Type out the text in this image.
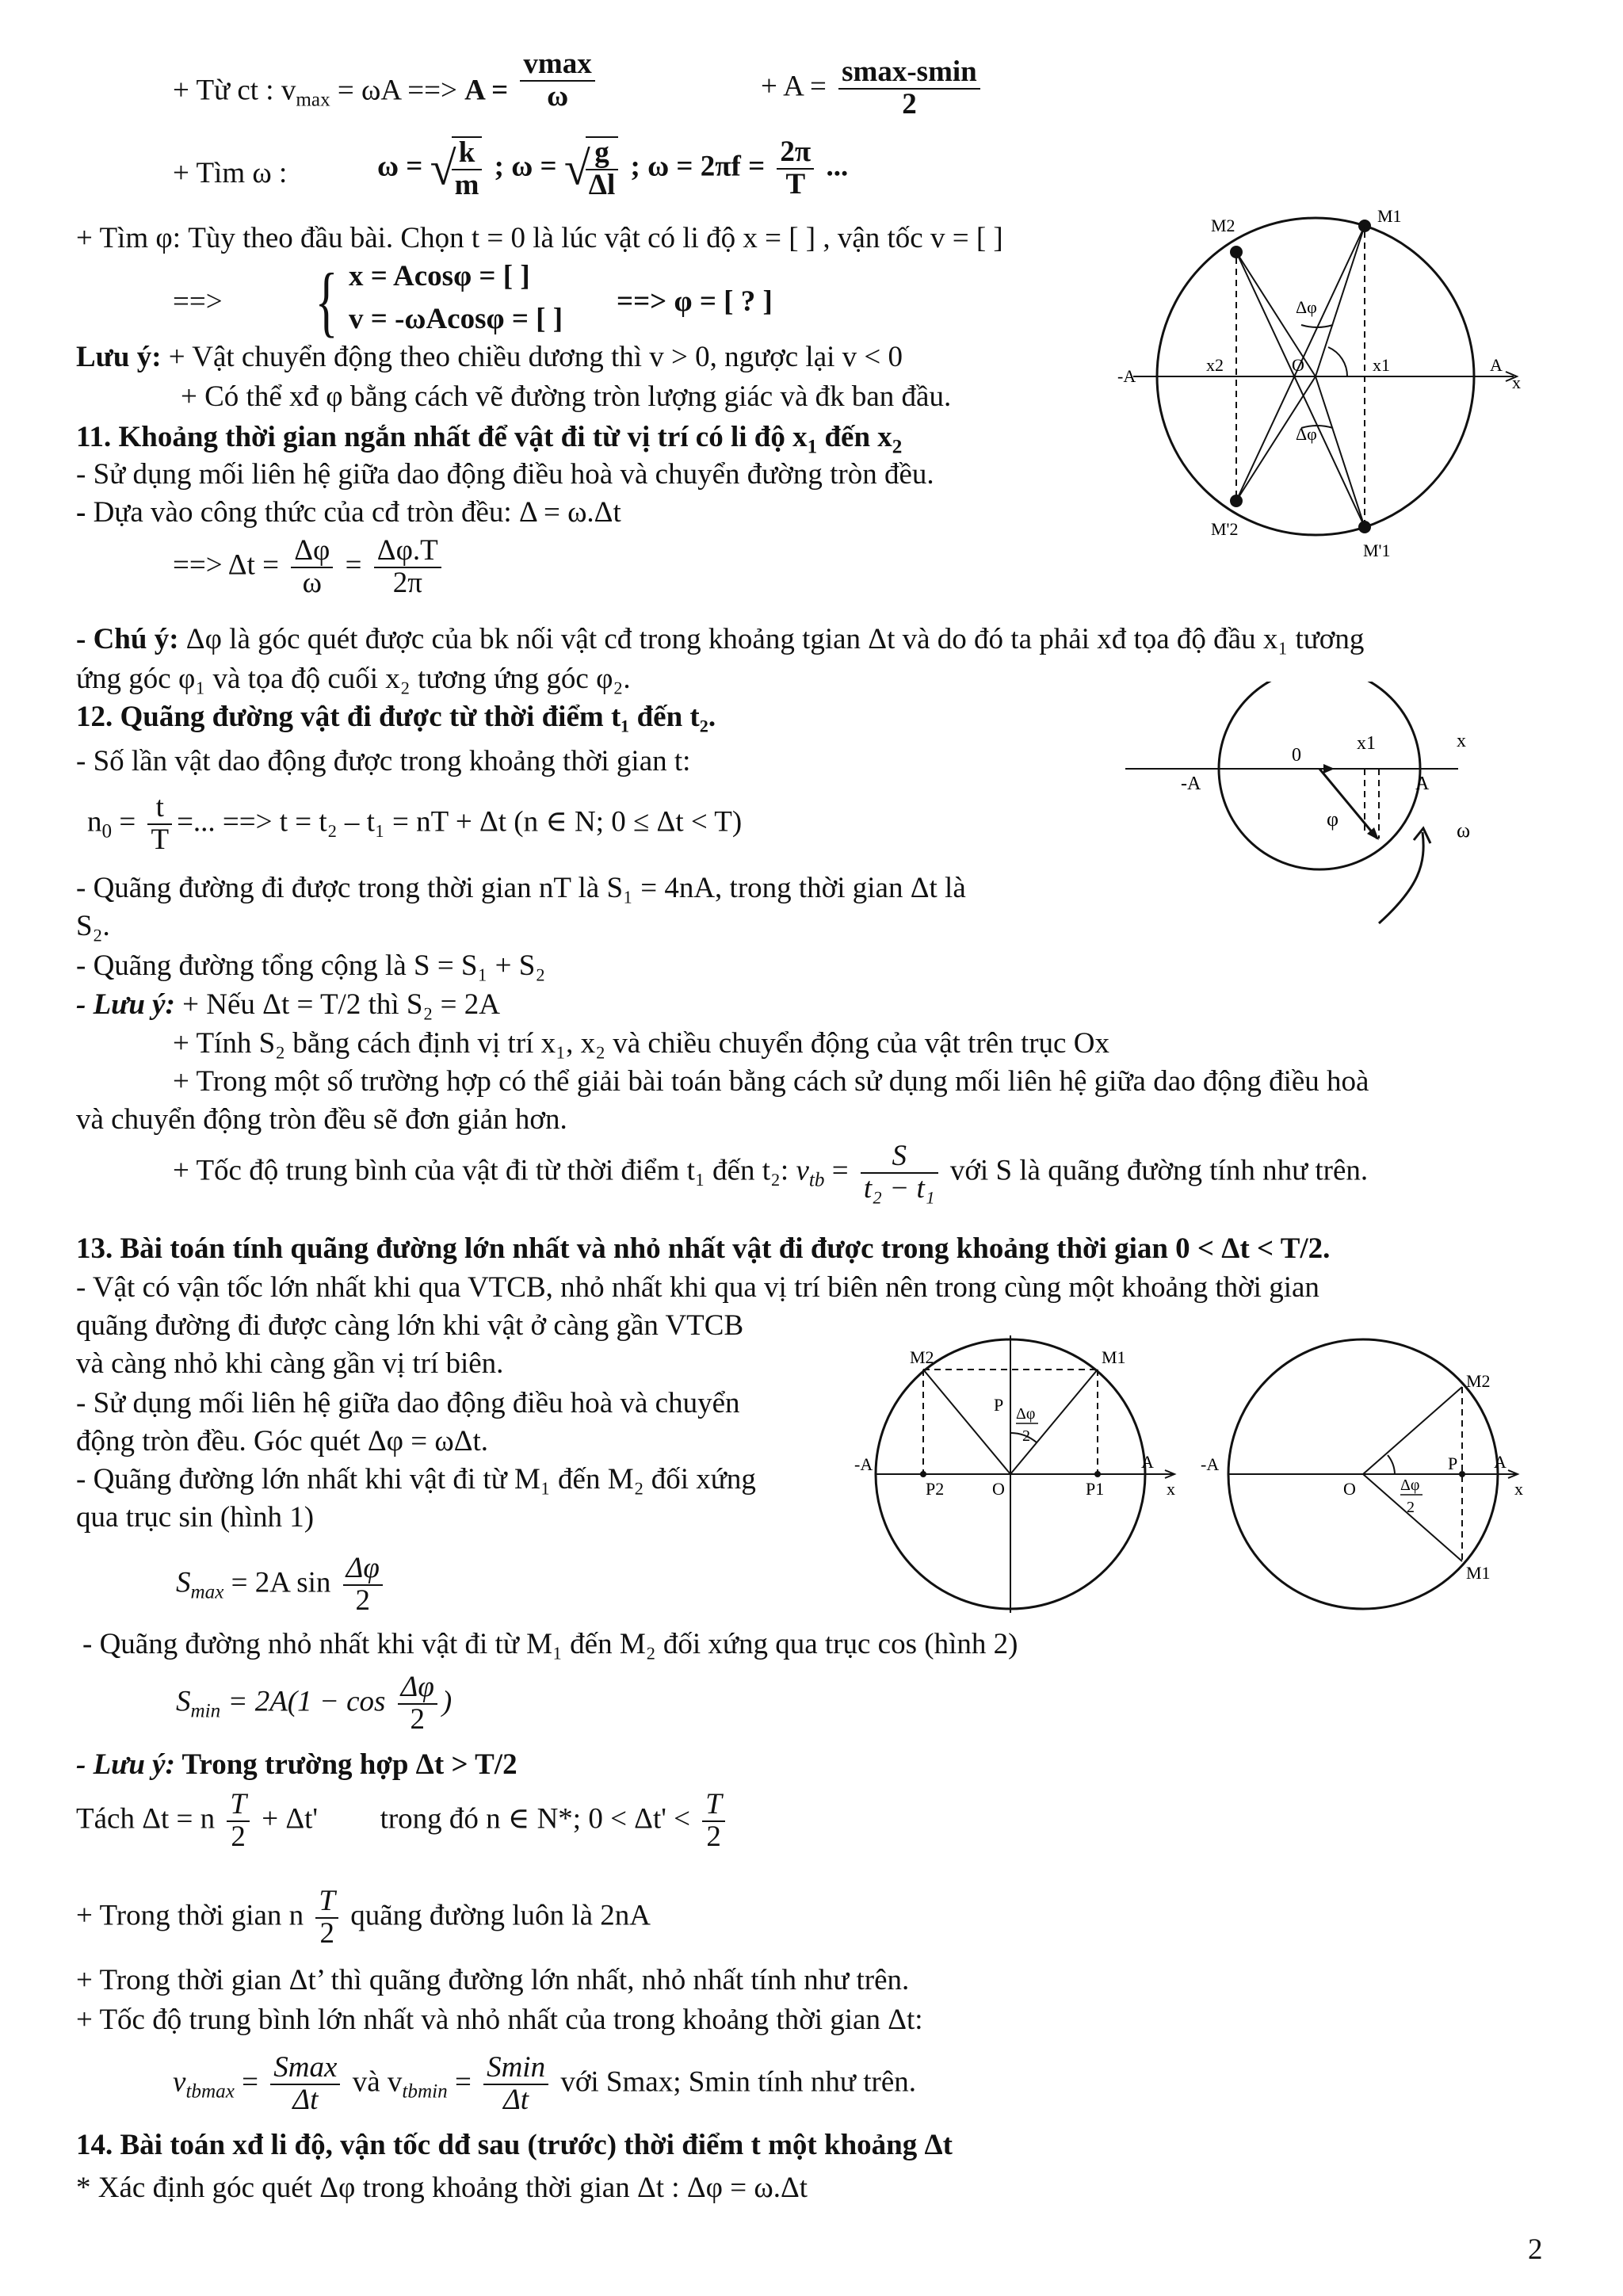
+ Từ ct : $v_{max} = \omega A$ ==> $A = \frac{vmax}{\omega}$	+ $A = \frac{smax-smin}{2}$
+ Tìm ω :	ω = √
$\frac{k}{m}$ ; ω = √
$\frac{g}{\Delta l}$ ; $\omega = 2\pi f = \frac{2\pi}{T}$ ...
+ Tìm φ: Tùy theo đầu bài. Chọn t = 0 là lúc vật có li độ x = [ ] , vận tốc v = [ ]
==> { x = Acosφ = [ ]
v = -ωAcosφ = [ ]
==> φ = [ ? ]
Lưu ý: + Vật chuyển động theo chiều dương thì v > 0, ngược lại v < 0
+ Có thể xđ φ bằng cách vẽ đường tròn lượng giác và đk ban đầu.
11. Khoảng thời gian ngắn nhất để vật đi từ vị trí có li độ $x_1$ đến $x_2$
- Sử dụng mối liên hệ giữa dao động điều hoà và chuyển đường tròn đều.
- Dựa vào công thức của cđ tròn đều: Δ = ω.Δt
==> $\Delta t = \frac{\Delta\varphi}{\omega} = \frac{\Delta\varphi.T}{2\pi}$
- Chú ý: Δφ là góc quét được của bk nối vật cđ trong khoảng tgian Δt và do đó ta phải xđ tọa độ đầu x₁ tương
ứng góc φ₁ và tọa độ cuối x₂ tương ứng góc φ₂.
12. Quãng đường vật đi được từ thời điểm t₁ đến t₂.
- Số lần vật dao động được trong khoảng thời gian t:
$n_0 = \frac{t}{T}$ =... ==> t = t₂ – t₁ = nT + Δt (n ∈ N; 0 ≤ Δt < T)
- Quãng đường đi được trong thời gian nT là S₁ = 4nA, trong thời gian Δt là
S₂.
- Quãng đường tổng cộng là S = S₁ + S₂
- Lưu ý: + Nếu Δt = T/2 thì S₂ = 2A
+ Tính S₂ bằng cách định vị trí x₁, x₂ và chiều chuyển động của vật trên trục Ox
+ Trong một số trường hợp có thể giải bài toán bằng cách sử dụng mối liên hệ giữa dao động điều hoà
và chuyển động tròn đều sẽ đơn giản hơn.
+ Tốc độ trung bình của vật đi từ thời điểm t₁ đến t₂: $v_{tb} = \frac{S}{\text{t₂ − t₁}}$ với S là quãng đường tính như trên.
13. Bài toán tính quãng đường lớn nhất và nhỏ nhất vật đi được trong khoảng thời gian 0 < Δt < T/2.
- Vật có vận tốc lớn nhất khi qua VTCB, nhỏ nhất khi qua vị trí biên nên trong cùng một khoảng thời gian
quãng đường đi được càng lớn khi vật ở càng gần VTCB
và càng nhỏ khi càng gần vị trí biên.
- Sử dụng mối liên hệ giữa dao động điều hoà và chuyển
động tròn đều. Góc quét Δφ = ωΔt.
- Quãng đường lớn nhất khi vật đi từ M₁ đến M₂ đối xứng
qua trục sin (hình 1)
$S_{max} = 2A$ $\sin \frac{\Delta\varphi}{2}$
- Quãng đường nhỏ nhất khi vật đi từ M₁ đến M₂ đối xứng qua trục cos (hình 2)
$S_{min} = 2A(1 - \cos \frac{\Delta\varphi}{2}$ )
- Lưu ý: Trong trường hợp Δt > T/2
Tách Δt = n $\frac{T}{2} + \Delta t'$ trong đó n ∈ N*; $0 < \Delta t' < \frac{T}{2}$
+ Trong thời gian n $\frac{T}{2}$ quãng đường luôn là 2nA
+ Trong thời gian Δt’ thì quãng đường lớn nhất, nhỏ nhất tính như trên.
+ Tốc độ trung bình lớn nhất và nhỏ nhất của trong khoảng thời gian Δt:
$v_{tbmax} = \frac{Smax}{\Delta t}$ và $v_{tbmin} = \frac{Smin}{\Delta t}$ với Smax; Smin tính như trên.
14. Bài toán xđ li độ, vận tốc dđ sau (trước) thời điểm t một khoảng Δt
* Xác định góc quét Δφ trong khoảng thời gian Δt : Δφ = ω.Δt
2
M2	M1
-A
A
x2	O	x1
x
Δφ
Δφ
M'2
M'1
0
x1	x
-A	A
φ	ω
M2	M1
P Δφ
2
-A	A
P2	O	P1	x
M2
M1
P
Δφ
2
-A	A
O	x
